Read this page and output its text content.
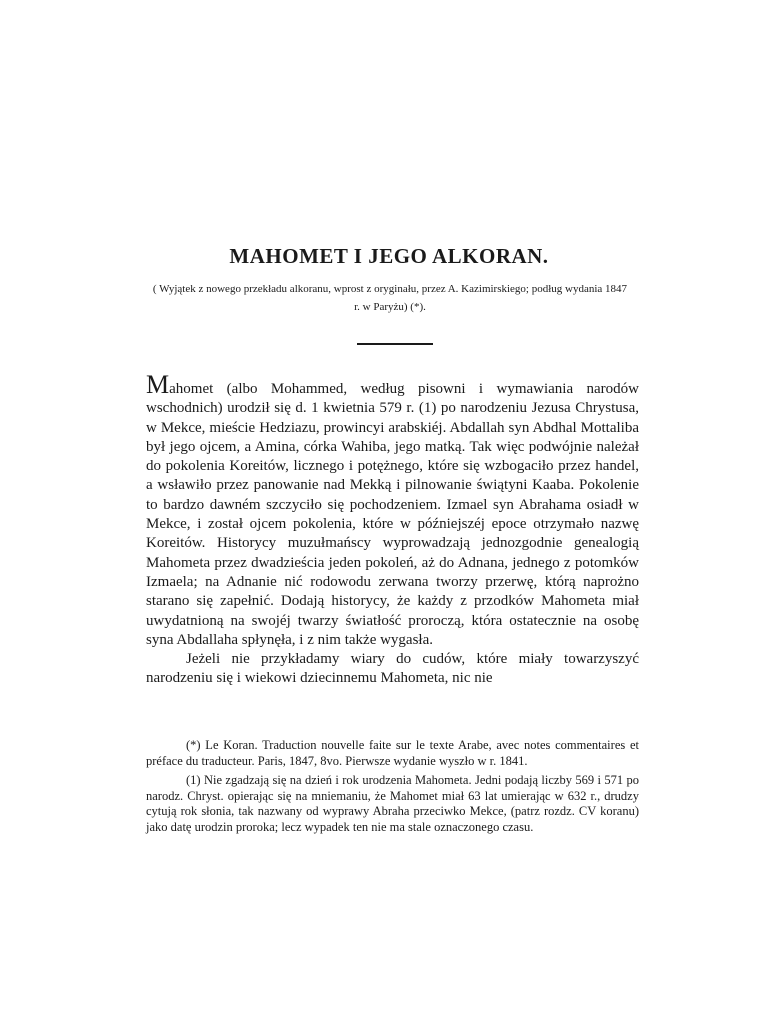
MAHOMET I JEGO ALKORAN.
( Wyjątek z nowego przekładu alkoranu, wprost z oryginału, przez A. Kazimirskiego; podług wydania 1847 r. w Paryżu) (*).

Mahomet (albo Mohammed, według pisowni i wymawiania narodów wschodnich) urodził się d. 1 kwietnia 579 r. (1) po narodzeniu Jezusa Chrystusa, w Mekce, mieście Hedziazu, prowincyi arabskiéj. Abdallah syn Abdhal Mottaliba był jego ojcem, a Amina, córka Wahiba, jego matką. Tak więc podwójnie należał do pokolenia Koreitów, licznego i potężnego, które się wzbogaciło przez handel, a wsławiło przez panowanie nad Mekką i pilnowanie świątyni Kaaba. Pokolenie to bardzo dawném szczyciło się pochodzeniem. Izmael syn Abrahama osiadł w Mekce, i został ojcem pokolenia, które w późniejszéj epoce otrzymało nazwę Koreitów. Historycy muzułmańscy wyprowadzają jednozgodnie genealogią Mahometa przez dwadzieścia jeden pokoleń, aż do Adnana, jednego z potomków Izmaela; na Adnanie nić rodowodu zerwana tworzy przerwę, którą naprożno starano się zapełnić. Dodają historycy, że każdy z przodków Mahometa miał uwydatnioną na swojéj twarzy światłość proroczą, która ostatecznie na osobę syna Abdallaha spłynęła, i z nim także wygasła.

Jeżeli nie przykładamy wiary do cudów, które miały towarzyszyć narodzeniu się i wiekowi dziecinnemu Mahometa, nic nie

(*) Le Koran. Traduction nouvelle faite sur le texte Arabe, avec notes commentaires et préface du traducteur. Paris, 1847, 8vo. Pierwsze wydanie wyszło w r. 1841.

(1) Nie zgadzają się na dzień i rok urodzenia Mahometa. Jedni podają liczby 569 i 571 po narodz. Chryst. opierając się na mniemaniu, że Mahomet miał 63 lat umierając w 632 r., drudzy cytują rok słonia, tak nazwany od wyprawy Abraha przeciwko Mekce, (patrz rozdz. CV koranu) jako datę urodzin proroka; lecz wypadek ten nie ma stale oznaczonego czasu.
